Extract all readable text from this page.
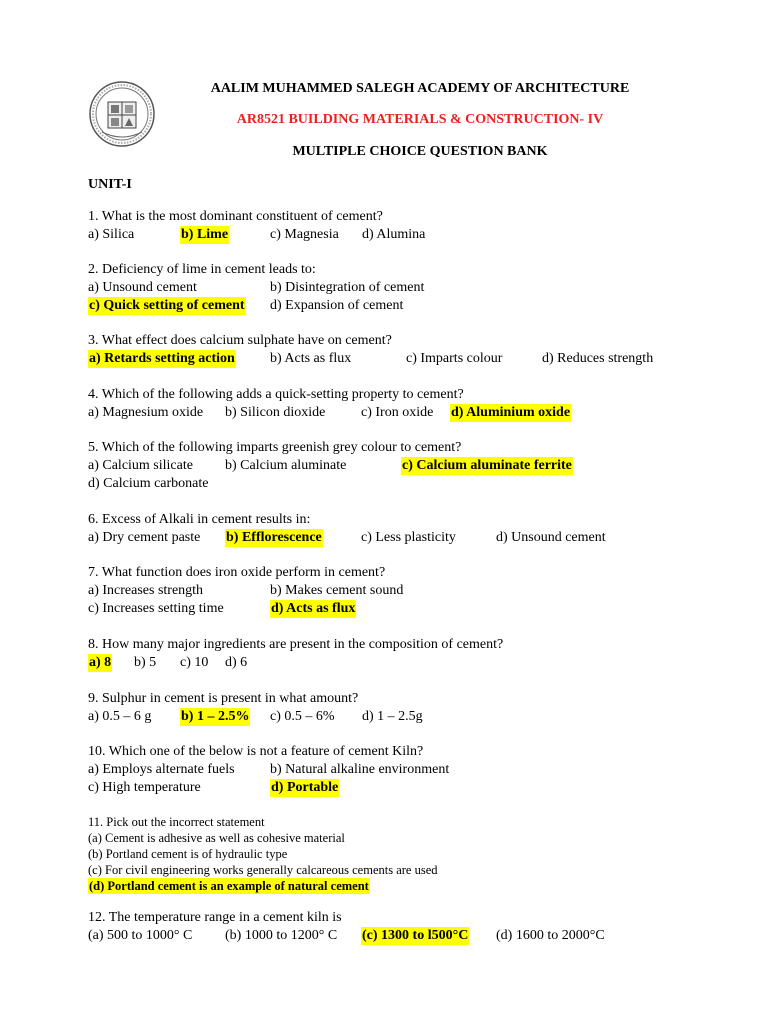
AALIM MUHAMMED SALEGH ACADEMY OF ARCHITECTURE
AR8521 BUILDING MATERIALS & CONSTRUCTION- IV
MULTIPLE CHOICE QUESTION BANK
UNIT-I
1. What is the most dominant constituent of cement?
a) Silica	b) Lime	c) Magnesia d) Alumina
2. Deficiency of lime in cement leads to:
a) Unsound cement	b) Disintegration of cement
c) Quick setting of cement d) Expansion of cement
3. What effect does calcium sulphate have on cement?
a) Retards setting action	b) Acts as flux	c) Imparts colour	d) Reduces strength
4. Which of the following adds a quick-setting property to cement?
a) Magnesium oxide b) Silicon dioxide	c) Iron oxide d) Aluminium oxide
5. Which of the following imparts greenish grey colour to cement?
a) Calcium silicate b) Calcium aluminate	c) Calcium aluminate ferrite
d) Calcium carbonate
6. Excess of Alkali in cement results in:
a) Dry cement paste b) Efflorescence	c) Less plasticity	d) Unsound cement
7. What function does iron oxide perform in cement?
a) Increases strength	b) Makes cement sound
c) Increases setting time	d) Acts as flux
8. How many major ingredients are present in the composition of cement?
a) 8 b) 5 c) 10 d) 6
9. Sulphur in cement is present in what amount?
a) 0.5 – 6 g b) 1 – 2.5% c) 0.5 – 6% d) 1 – 2.5g
10. Which one of the below is not a feature of cement Kiln?
a) Employs alternate fuels	b) Natural alkaline environment
c) High temperature	d) Portable
11. Pick out the incorrect statement
(a) Cement is adhesive as well as cohesive material
(b) Portland cement is of hydraulic type
(c) For civil engineering works generally calcareous cements are used
(d) Portland cement is an example of natural cement
12. The temperature range in a cement kiln is
(a) 500 to 1000° C (b) 1000 to 1200° C (c) 1300 to l500°C (d) 1600 to 2000°C
